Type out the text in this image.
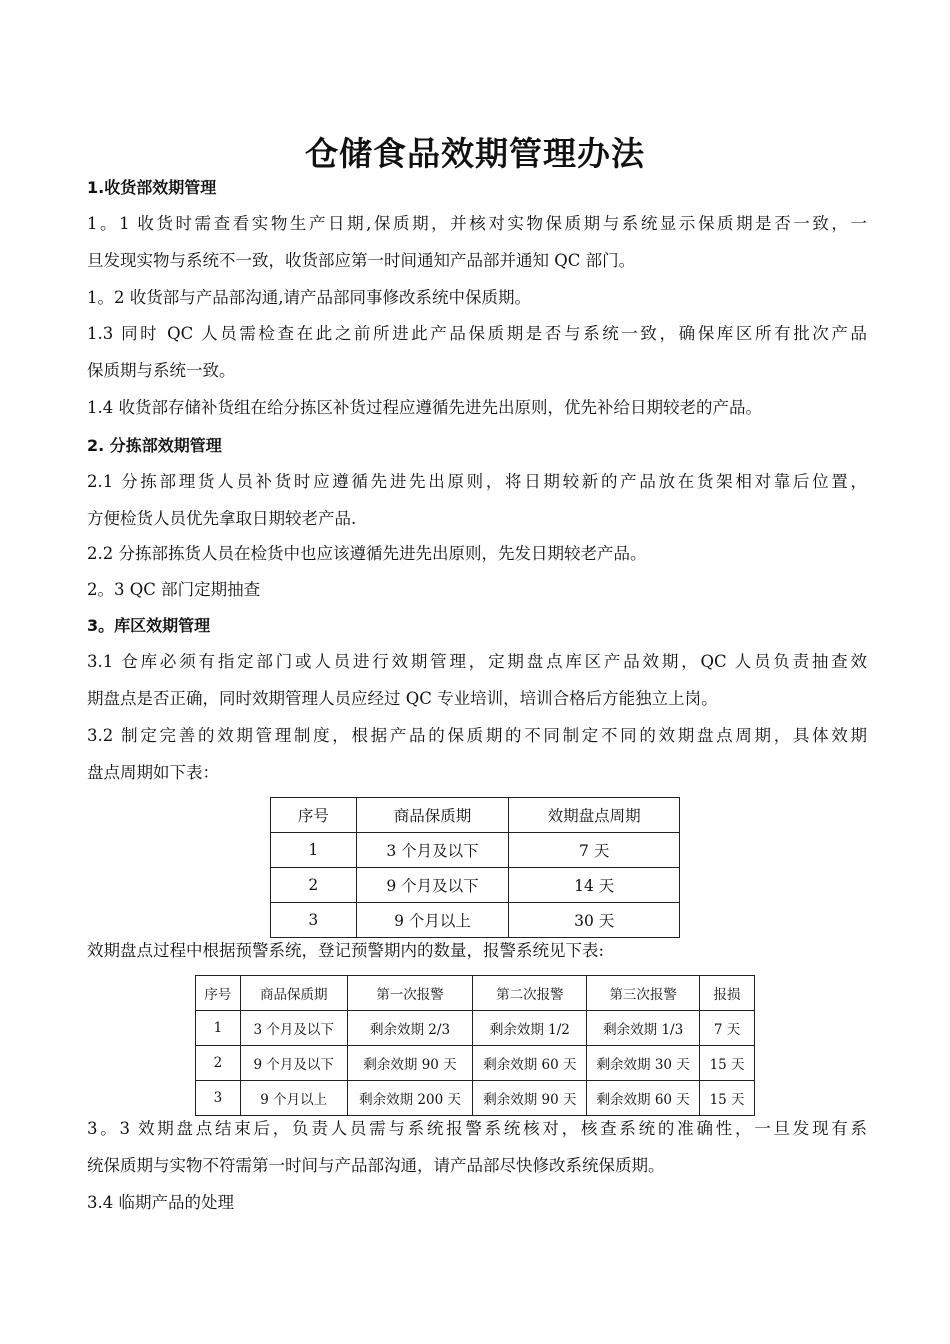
仓储食品效期管理办法
1.收货部效期管理
1。1 收货时需查看实物生产日期,保质期，并核对实物保质期与系统显示保质期是否一致，一
旦发现实物与系统不一致，收货部应第一时间通知产品部并通知 QC 部门。
1。2 收货部与产品部沟通,请产品部同事修改系统中保质期。
1.3 同时 QC 人员需检查在此之前所进此产品保质期是否与系统一致，确保库区所有批次产品
保质期与系统一致。
1.4 收货部存储补货组在给分拣区补货过程应遵循先进先出原则，优先补给日期较老的产品。
2. 分拣部效期管理
2.1 分拣部理货人员补货时应遵循先进先出原则，将日期较新的产品放在货架相对靠后位置，
方便检货人员优先拿取日期较老产品.
2.2 分拣部拣货人员在检货中也应该遵循先进先出原则，先发日期较老产品。
2。3 QC 部门定期抽查
3。库区效期管理
3.1 仓库必须有指定部门或人员进行效期管理，定期盘点库区产品效期，QC 人员负责抽查效
期盘点是否正确，同时效期管理人员应经过 QC 专业培训，培训合格后方能独立上岗。
3.2 制定完善的效期管理制度，根据产品的保质期的不同制定不同的效期盘点周期，具体效期
盘点周期如下表：
序号	商品保质期	效期盘点周期
1	3 个月及以下	7 天
2	9 个月及以下	14 天
3	9 个月以上	30 天
效期盘点过程中根据预警系统，登记预警期内的数量，报警系统见下表:
序号	商品保质期	第一次报警	第二次报警	第三次报警	报损
1	3 个月及以下	剩余效期 2/3	剩余效期 1/2	剩余效期 1/3	7 天
2	9 个月及以下	剩余效期 90 天	剩余效期 60 天	剩余效期 30 天	15 天
3	9 个月以上	剩余效期 200 天	剩余效期 90 天	剩余效期 60 天	15 天
3。3 效期盘点结束后，负责人员需与系统报警系统核对，核查系统的准确性，一旦发现有系
统保质期与实物不符需第一时间与产品部沟通，请产品部尽快修改系统保质期。
3.4 临期产品的处理
